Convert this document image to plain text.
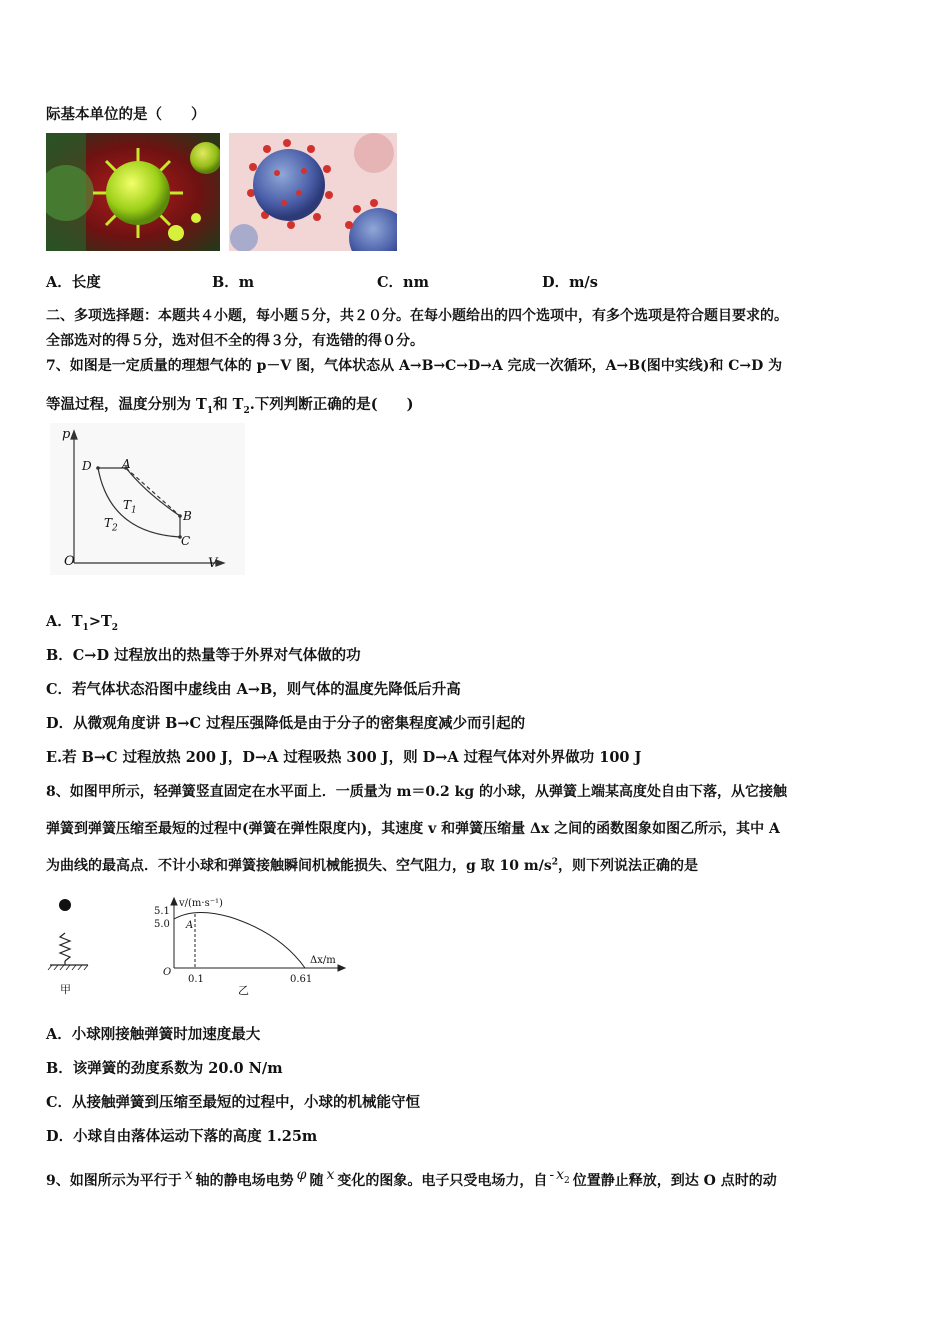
际基本单位的是（　　）
A．长度	B．m	C．nm	D．m/s
二、多项选择题：本题共４小题，每小题５分，共２０分。在每小题给出的四个选项中，有多个选项是符合题目要求的。
全部选对的得５分，选对但不全的得３分，有选错的得０分。
7、如图是一定质量的理想气体的 p－V 图，气体状态从 A→B→C→D→A 完成一次循环，A→B(图中实线)和 C→D 为
等温过程，温度分别为 $T_1$和 $T_2$.下列判断正确的是(　　)
p
V
O
D	A
B
C
$T_1$
$T_2$
A．$T_1>T_2$
B．C→D 过程放出的热量等于外界对气体做的功
C．若气体状态沿图中虚线由 A→B，则气体的温度先降低后升高
D．从微观角度讲 B→C 过程压强降低是由于分子的密集程度减少而引起的
E.若 B→C 过程放热 200 J，D→A 过程吸热 300 J，则 D→A 过程气体对外界做功 100 J
8、如图甲所示，轻弹簧竖直固定在水平面上．一质量为 m＝0.2 kg 的小球，从弹簧上端某高度处自由下落，从它接触
弹簧到弹簧压缩至最短的过程中(弹簧在弹性限度内)，其速度 v 和弹簧压缩量 Δx 之间的函数图象如图乙所示，其中 A
为曲线的最高点．不计小球和弹簧接触瞬间机械能损失、空气阻力，g 取 10 $m/s^2$，则下列说法正确的是
甲
v/(m·s⁻¹)
Δx/m
5.1
5.0 A
O
0.1	0.61
乙
A．小球刚接触弹簧时加速度最大
B．该弹簧的劲度系数为 20.0 N/m
C．从接触弹簧到压缩至最短的过程中，小球的机械能守恒
D．小球自由落体运动下落的高度 1.25m
9、如图所示为平行于 x 轴的静电场电势 φ 随 x 变化的图象。电子只受电场力，自 - $x_2$ 位置静止释放，到达 O 点时的动
